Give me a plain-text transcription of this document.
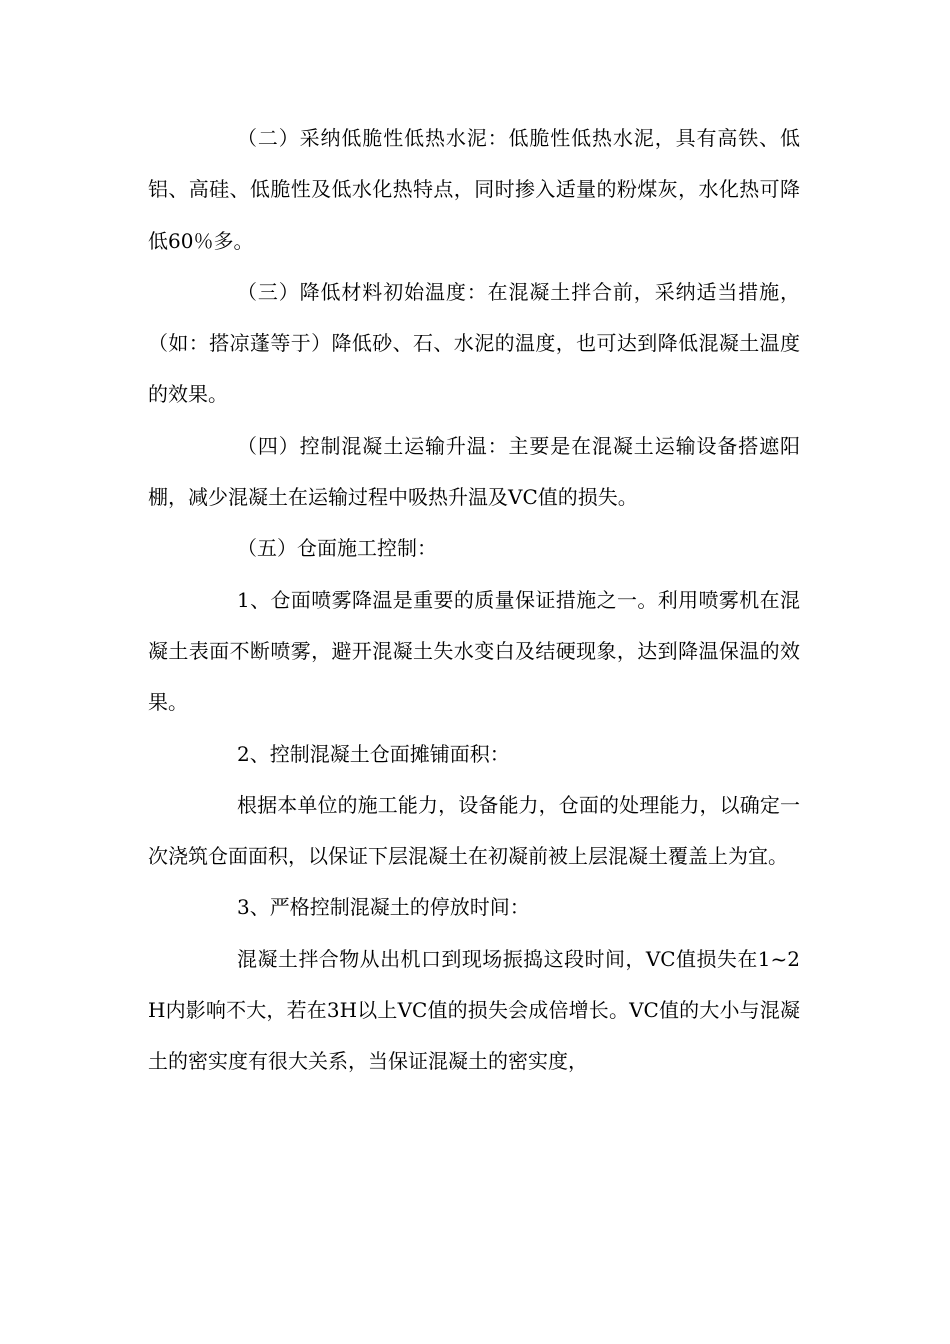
（二）采纳低脆性低热水泥：低脆性低热水泥，具有高铁、低铝、高硅、低脆性及低水化热特点，同时掺入适量的粉煤灰，水化热可降低60％多。

（三）降低材料初始温度：在混凝土拌合前，采纳适当措施，（如：搭凉蓬等于）降低砂、石、水泥的温度，也可达到降低混凝土温度的效果。

（四）控制混凝土运输升温：主要是在混凝土运输设备搭遮阳棚，减少混凝土在运输过程中吸热升温及VC值的损失。

（五）仓面施工控制：

1、仓面喷雾降温是重要的质量保证措施之一。利用喷雾机在混凝土表面不断喷雾，避开混凝土失水变白及结硬现象，达到降温保温的效果。

2、控制混凝土仓面摊铺面积：

根据本单位的施工能力，设备能力，仓面的处理能力，以确定一次浇筑仓面面积，以保证下层混凝土在初凝前被上层混凝土覆盖上为宜。

3、严格控制混凝土的停放时间：

混凝土拌合物从出机口到现场振捣这段时间，VC值损失在1~2H内影响不大，若在3H以上VC值的损失会成倍增长。VC值的大小与混凝土的密实度有很大关系，当保证混凝土的密实度，
